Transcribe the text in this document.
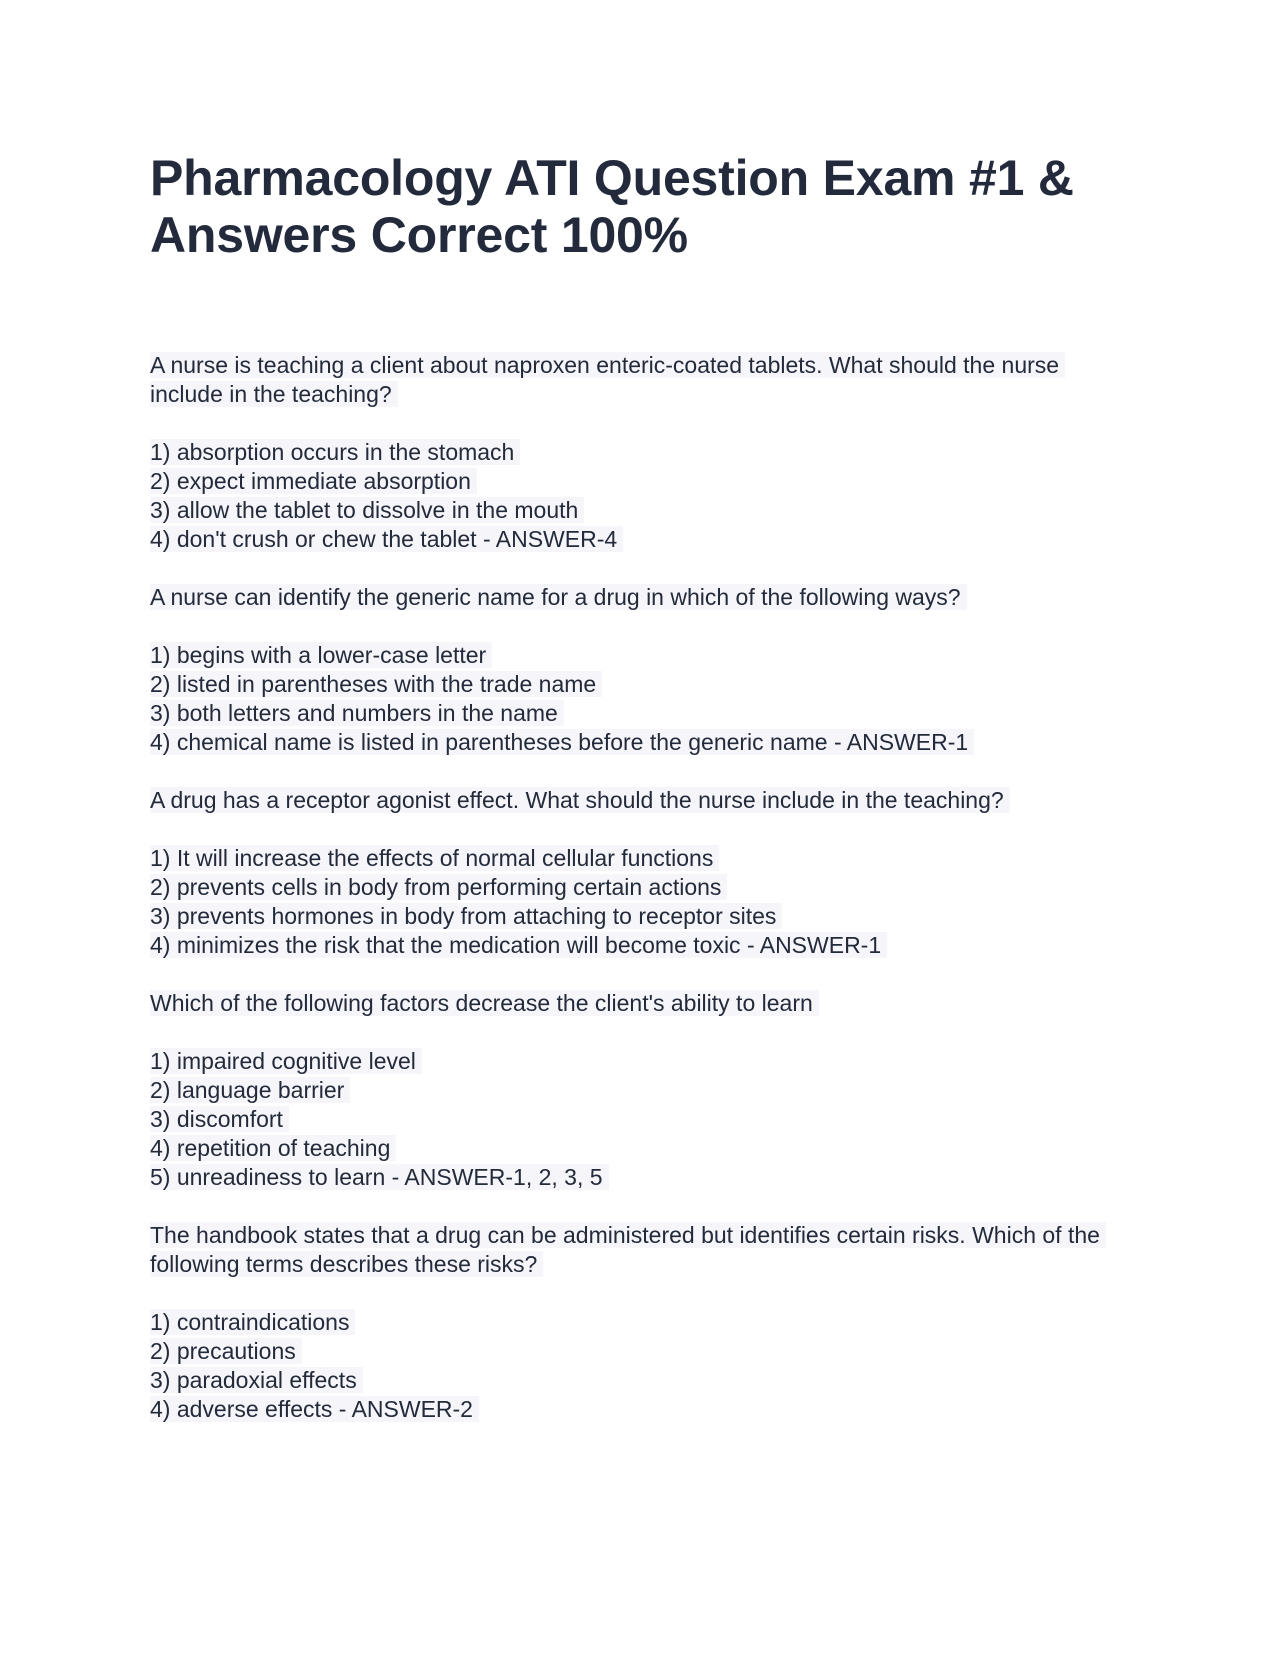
Pharmacology ATI Question Exam #1 & Answers Correct 100%

A nurse is teaching a client about naproxen enteric-coated tablets. What should the nurse include in the teaching?

1) absorption occurs in the stomach
2) expect immediate absorption
3) allow the tablet to dissolve in the mouth
4) don't crush or chew the tablet - ANSWER-4

A nurse can identify the generic name for a drug in which of the following ways?

1) begins with a lower-case letter
2) listed in parentheses with the trade name
3) both letters and numbers in the name
4) chemical name is listed in parentheses before the generic name - ANSWER-1

A drug has a receptor agonist effect. What should the nurse include in the teaching?

1) It will increase the effects of normal cellular functions
2) prevents cells in body from performing certain actions
3) prevents hormones in body from attaching to receptor sites
4) minimizes the risk that the medication will become toxic - ANSWER-1

Which of the following factors decrease the client's ability to learn

1) impaired cognitive level
2) language barrier
3) discomfort
4) repetition of teaching
5) unreadiness to learn - ANSWER-1, 2, 3, 5

The handbook states that a drug can be administered but identifies certain risks. Which of the following terms describes these risks?

1) contraindications
2) precautions
3) paradoxial effects
4) adverse effects - ANSWER-2
